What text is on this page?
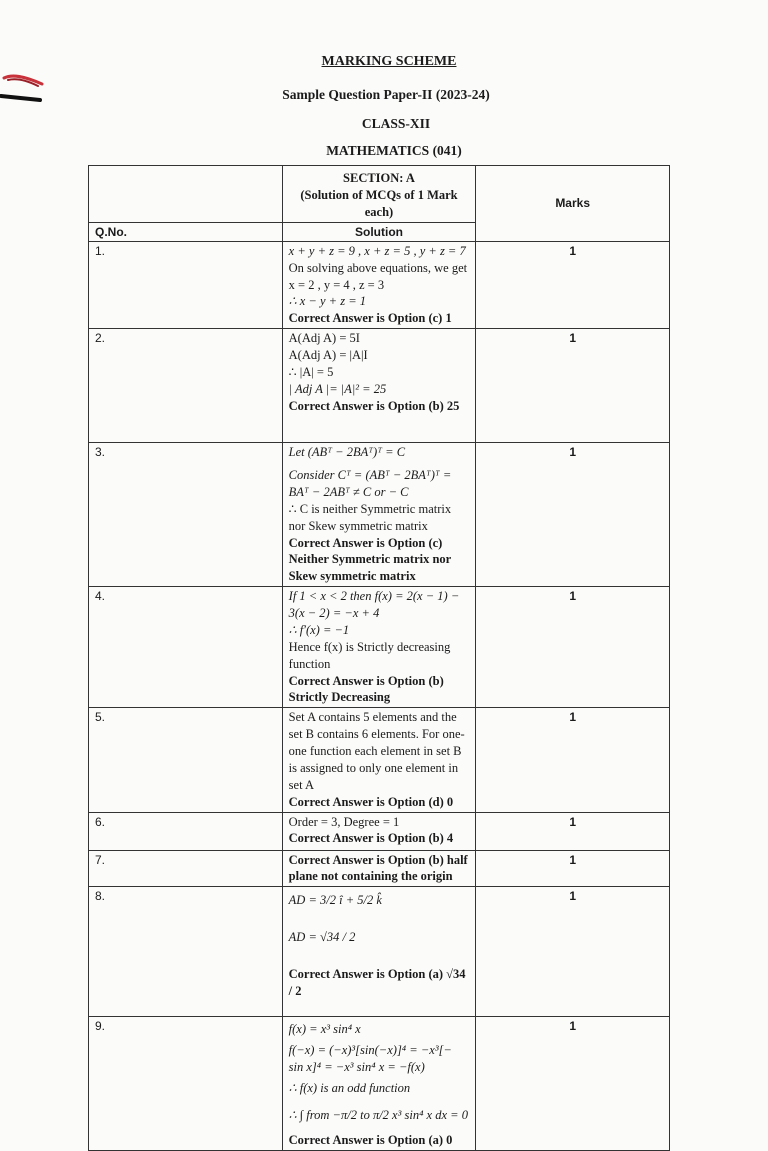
MARKING SCHEME
Sample Question Paper-II (2023-24)
CLASS-XII
MATHEMATICS (041)

	SECTION: A
(Solution of MCQs of 1 Mark each)	Marks
Q.No.	Solution	
1.	x + y + z = 9 , x + z = 5 , y + z = 7
On solving above equations, we get x = 2 , y = 4 , z = 3
∴ x − y + z = 1
Correct Answer is Option (c) 1	1
2.	A(Adj A) = 5I
A(Adj A) = |A|I
∴ |A| = 5
| Adj A |= |A|² = 25
Correct Answer is Option (b) 25	1
3.	Let (ABᵀ − 2BAᵀ)ᵀ = C
Consider Cᵀ = (ABᵀ − 2BAᵀ)ᵀ = BAᵀ − 2ABᵀ ≠ C or − C
∴ C is neither Symmetric matrix nor Skew symmetric matrix
Correct Answer is Option (c) Neither Symmetric matrix nor Skew symmetric matrix	1
4.	If 1 < x < 2 then f(x) = 2(x − 1) − 3(x − 2) = −x + 4
∴ f′(x) = −1
Hence f(x) is Strictly decreasing function
Correct Answer is Option (b) Strictly Decreasing	1
5.	Set A contains 5 elements and the set B contains 6 elements. For one-one function each element in set B is assigned to only one element in set A
Correct Answer is Option (d) 0	1
6.	Order = 3, Degree = 1
Correct Answer is Option (b) 4	1
7.	Correct Answer is Option (b) half plane not containing the origin	1
8.	AD = 3/2 î + 5/2 k̂
AD = √34 / 2
Correct Answer is Option (a) √34 / 2	1
9.	f(x) = x³ sin⁴ x
f(−x) = (−x)³[sin(−x)]⁴ = −x³[− sin x]⁴ = −x³ sin⁴ x = −f(x)
∴ f(x) is an odd function
∴ ∫ from −π/2 to π/2 x³ sin⁴ x dx = 0
Correct Answer is Option (a) 0	1
